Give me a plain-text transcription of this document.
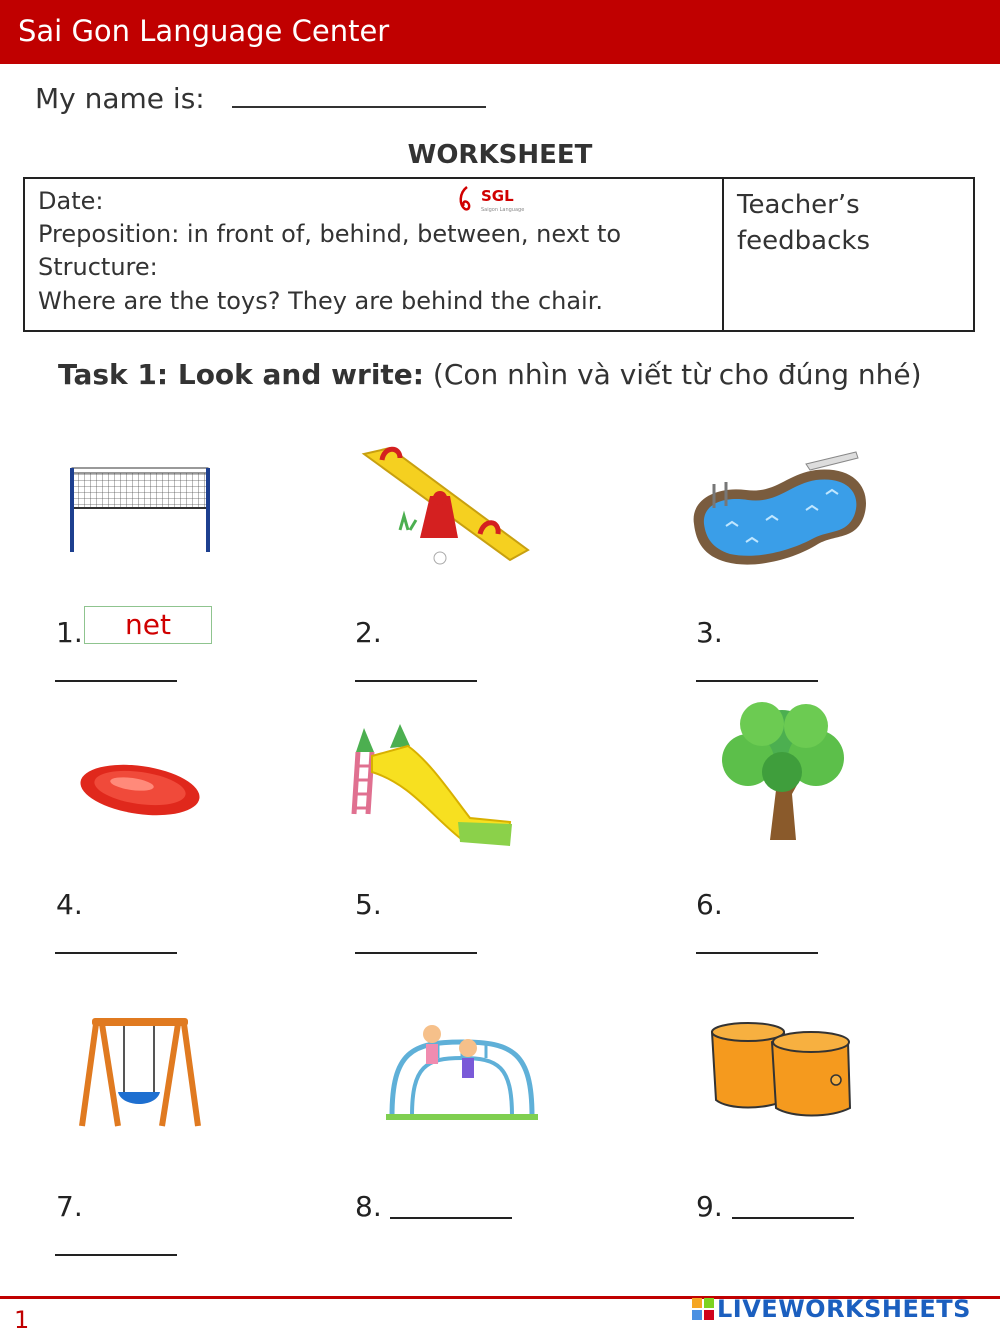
Sai Gon Language Center
My name is:
WORKSHEET
Date:
Preposition: in front of, behind, between, next to
Structure:
Where are the toys? They are behind the chair.
SGL
Saigon Language	Teacher’s
feedbacks
Task 1: Look and write: (Con nhìn và viết từ cho đúng nhé)
1.	net	2.	3.
4.	5.	6.
7.	8.	9.
1	LIVEWORKSHEETS
